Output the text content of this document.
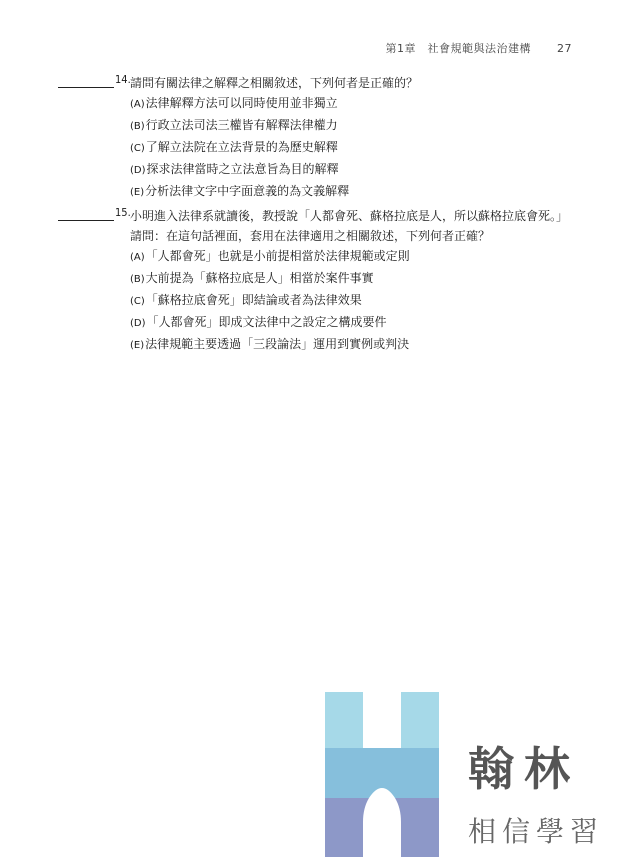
第1章　社會規範與法治建構 27
14. 請問有關法律之解釋之相關敘述，下列何者是正確的？
(A)法律解釋方法可以同時使用並非獨立
(B)行政立法司法三權皆有解釋法律權力
(C)了解立法院在立法背景的為歷史解釋
(D)探求法律當時之立法意旨為目的解釋
(E)分析法律文字中字面意義的為文義解釋
15. 小明進入法律系就讀後，教授說「人都會死、蘇格拉底是人，所以蘇格拉底會死。」請問：在這句話裡面，套用在法律適用之相關敘述，下列何者正確？
(A)「人都會死」也就是小前提相當於法律規範或定則
(B)大前提為「蘇格拉底是人」相當於案件事實
(C)「蘇格拉底會死」即結論或者為法律效果
(D)「人都會死」即成文法律中之設定之構成要件
(E)法律規範主要透過「三段論法」運用到實例或判決
翰林
相信學習
